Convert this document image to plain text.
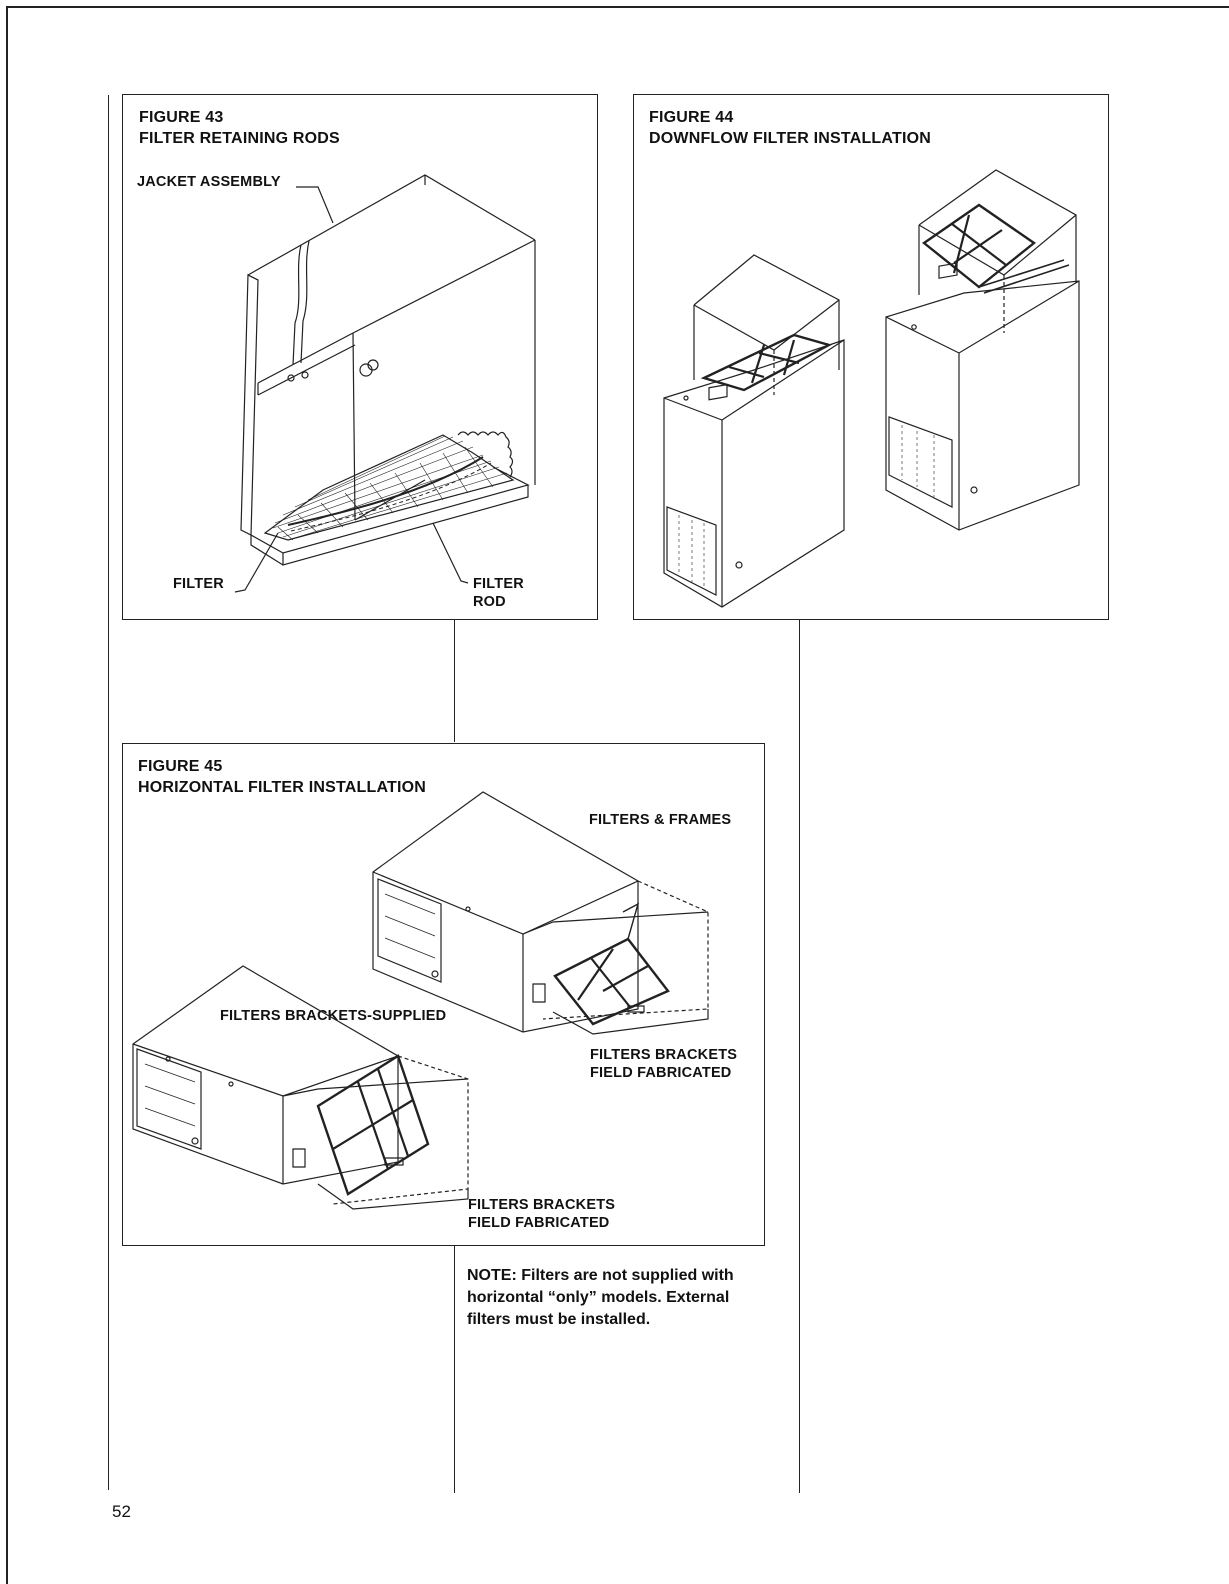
FIGURE 43
FILTER RETAINING RODS
JACKET ASSEMBLY
FILTER	FILTER
ROD
FIGURE 44
DOWNFLOW FILTER INSTALLATION
FIGURE 45
HORIZONTAL FILTER INSTALLATION
FILTERS & FRAMES
FILTERS BRACKETS-SUPPLIED
FILTERS BRACKETS
FIELD FABRICATED
FILTERS BRACKETS
FIELD FABRICATED
NOTE: Filters are not supplied with
horizontal “only” models. External
filters must be installed.
52
